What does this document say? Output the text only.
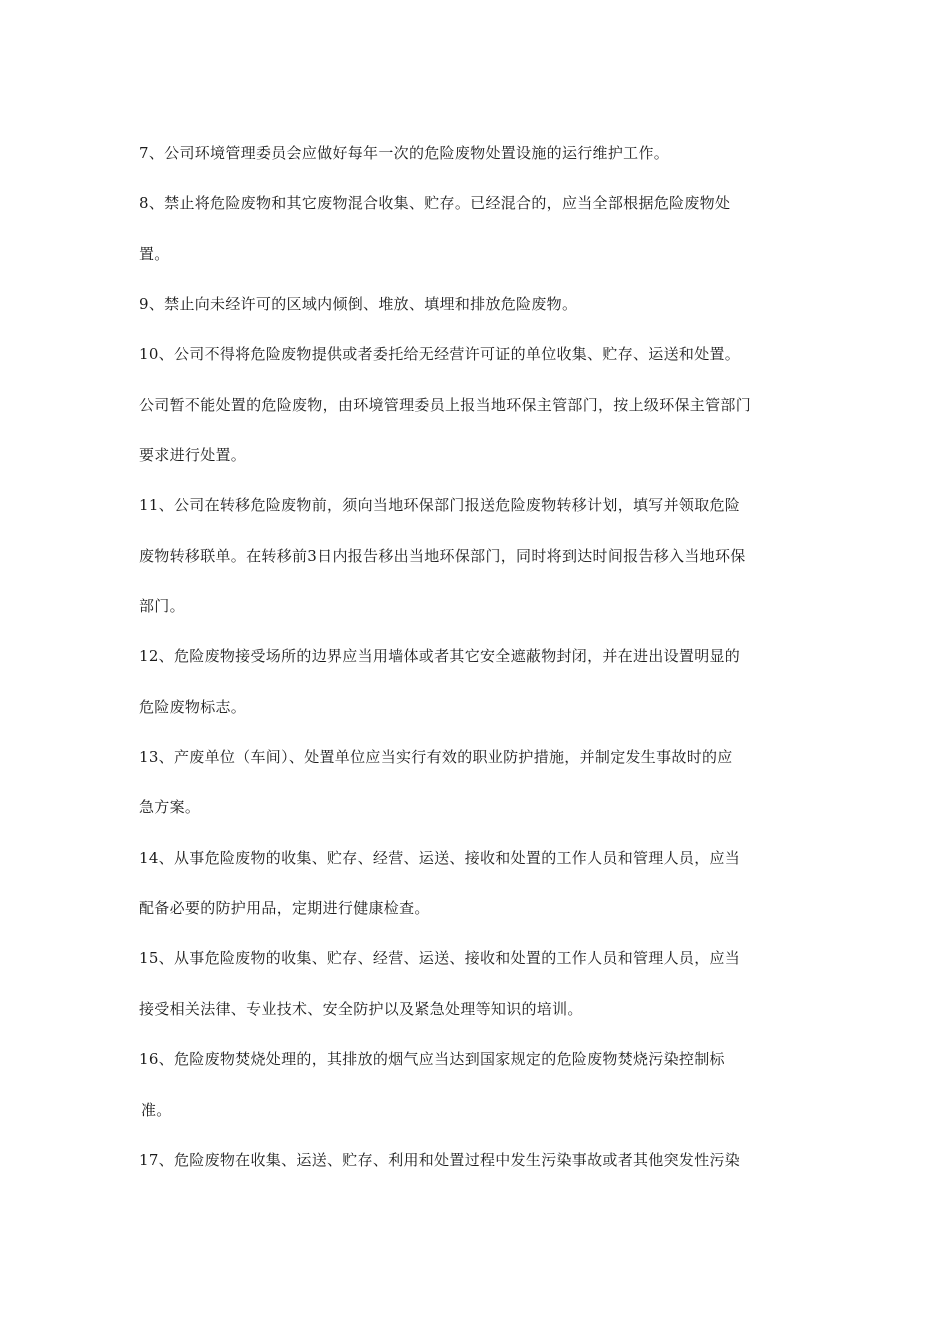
7、公司环境管理委员会应做好每年一次的危险废物处置设施的运行维护工作。
8、禁止将危险废物和其它废物混合收集、贮存。已经混合的，应当全部根据危险废物处
置。
9、禁止向未经许可的区域内倾倒、堆放、填埋和排放危险废物。
10、公司不得将危险废物提供或者委托给无经营许可证的单位收集、贮存、运送和处置。
公司暂不能处置的危险废物，由环境管理委员上报当地环保主管部门，按上级环保主管部门
要求进行处置。
11、公司在转移危险废物前，须向当地环保部门报送危险废物转移计划，填写并领取危险
废物转移联单。在转移前3日内报告移出当地环保部门，同时将到达时间报告移入当地环保
部门。
12、危险废物接受场所的边界应当用墙体或者其它安全遮蔽物封闭，并在进出设置明显的
危险废物标志。
13、产废单位（车间）、处置单位应当实行有效的职业防护措施，并制定发生事故时的应
急方案。
14、从事危险废物的收集、贮存、经营、运送、接收和处置的工作人员和管理人员，应当
配备必要的防护用品，定期进行健康检查。
15、从事危险废物的收集、贮存、经营、运送、接收和处置的工作人员和管理人员，应当
接受相关法律、专业技术、安全防护以及紧急处理等知识的培训。
16、危险废物焚烧处理的，其排放的烟气应当达到国家规定的危险废物焚烧污染控制标
准。
17、危险废物在收集、运送、贮存、利用和处置过程中发生污染事故或者其他突发性污染
